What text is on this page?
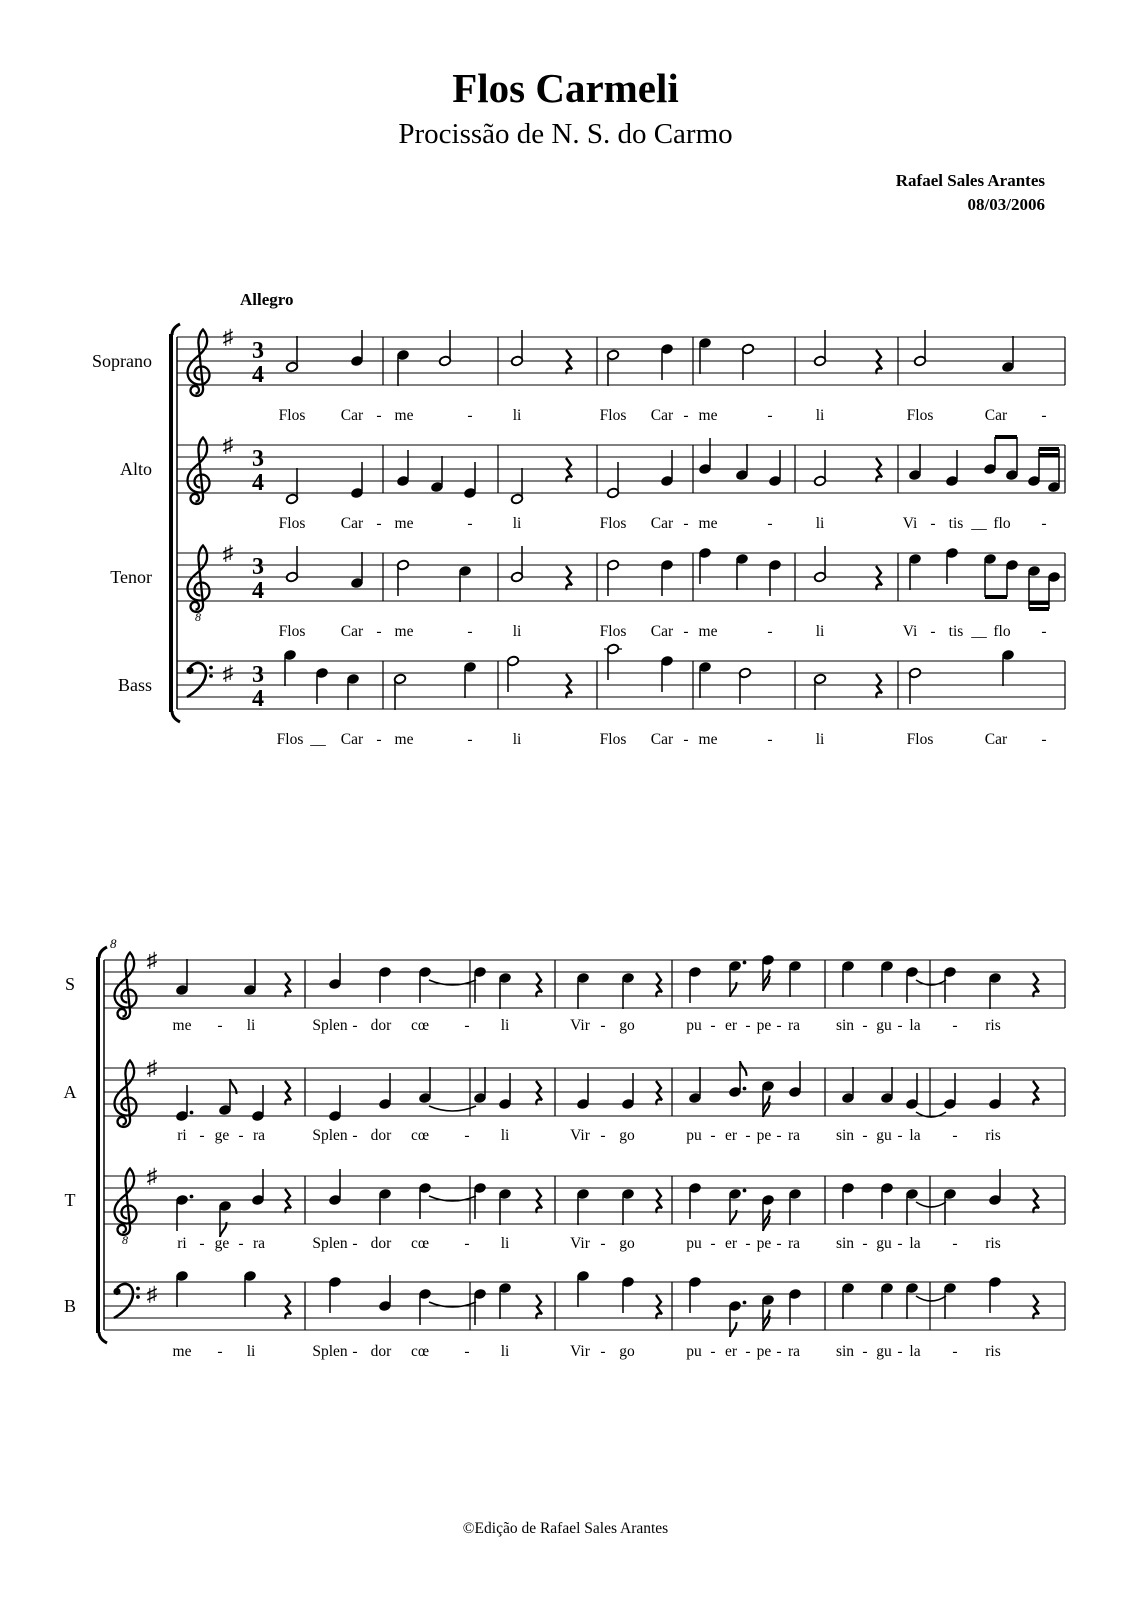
Flos Carmeli
Procissão de N. S. do Carmo
Rafael Sales Arantes
08/03/2006
Allegro
Soprano
♯
3
4
Flos Car - me	-	li	Flos Car - me	-	li	Flos	Car -
Alto
♯
3
4
Flos Car - me	-	li	Flos Car - me	-	li	Vi - tis __ flo -
Tenor
8
♯
3
4
Flos Car - me	-	li	Flos Car - me	-	li	Vi - tis __ flo -
Bass	♯ 3
4
Flos __ Car - me	-	li	Flos Car - me	-	li	Flos	Car -
8
S
♯
me - li	Splen - dor cœ - li	Vir - go	pu - er - pe - ra sin - gu - la - ris
A
♯
ri - ge - ra	Splen - dor cœ - li	Vir - go	pu - er - pe - ra sin - gu - la - ris
T
8
♯
ri - ge - ra	Splen - dor cœ - li	Vir - go	pu - er - pe - ra sin - gu - la - ris
B	♯
me - li	Splen - dor cœ - li	Vir - go	pu - er - pe - ra sin - gu - la - ris
©Edição de Rafael Sales Arantes
